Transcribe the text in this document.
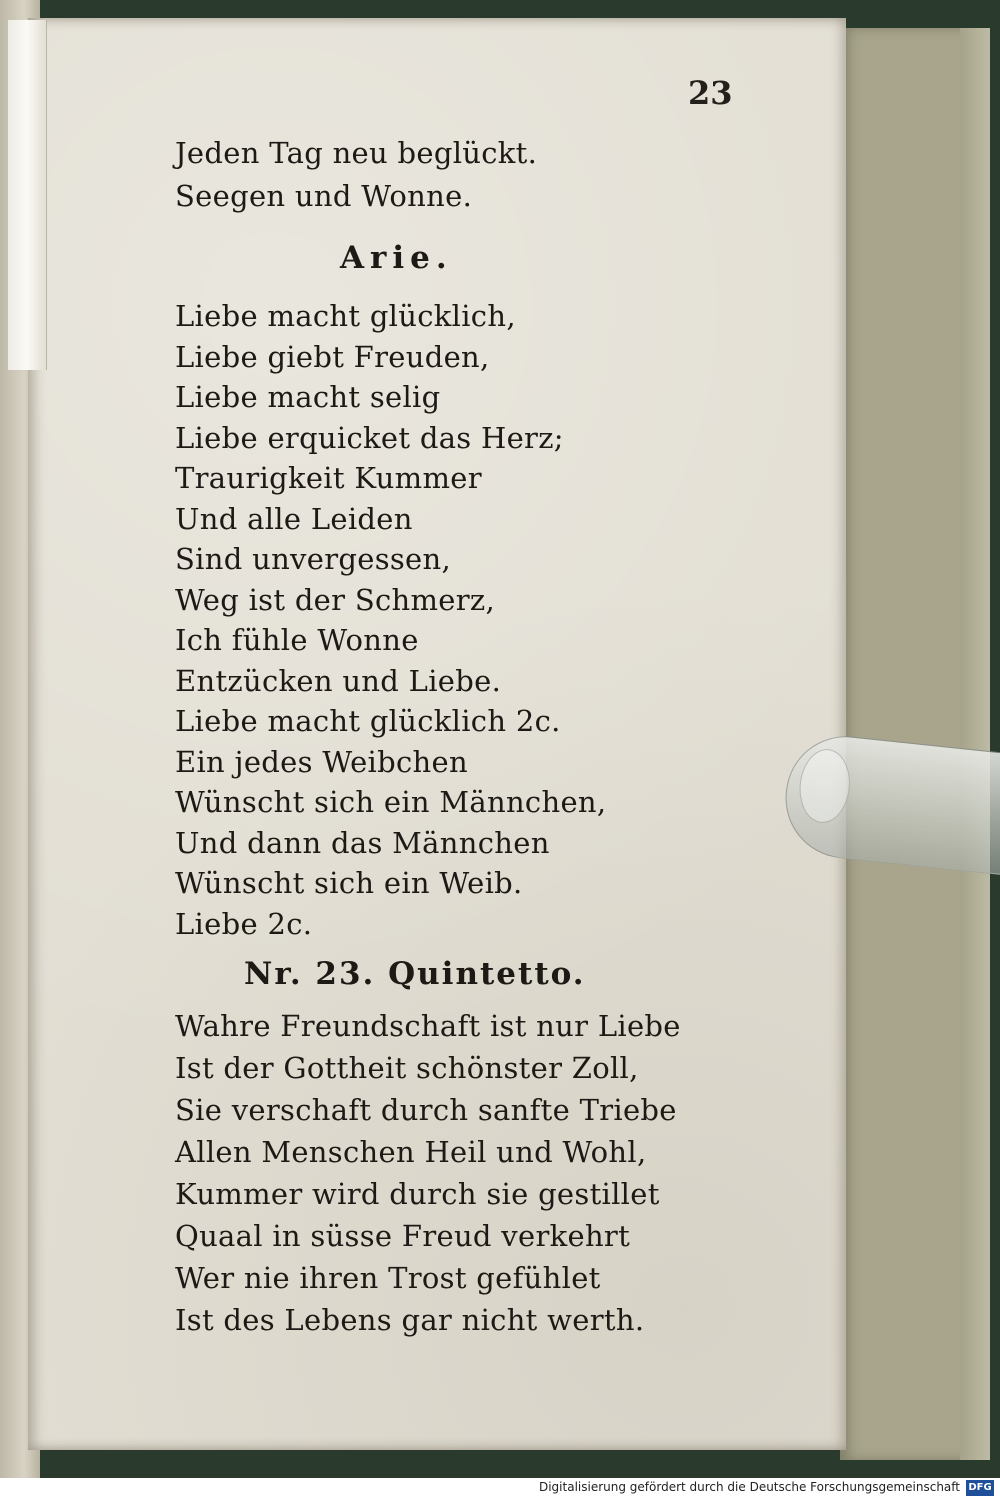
23
Jeden Tag neu beglückt.
Seegen und Wonne.
Arie.
Liebe macht glücklich,
Liebe giebt Freuden,
Liebe macht selig
Liebe erquicket das Herz;
Traurigkeit Kummer
Und alle Leiden
Sind unvergessen,
Weg ist der Schmerz,
Ich fühle Wonne
Entzücken und Liebe.
Liebe macht glücklich 2c.
Ein jedes Weibchen
Wünscht sich ein Männchen,
Und dann das Männchen
Wünscht sich ein Weib.
Liebe 2c.
Nr. 23. Quintetto.
Wahre Freundschaft ist nur Liebe
Ist der Gottheit schönster Zoll,
Sie verschaft durch sanfte Triebe
Allen Menschen Heil und Wohl,
Kummer wird durch sie gestillet
Quaal in süsse Freud verkehrt
Wer nie ihren Trost gefühlet
Ist des Lebens gar nicht werth.
Digitalisierung gefördert durch die Deutsche Forschungsgemeinschaft DFG
